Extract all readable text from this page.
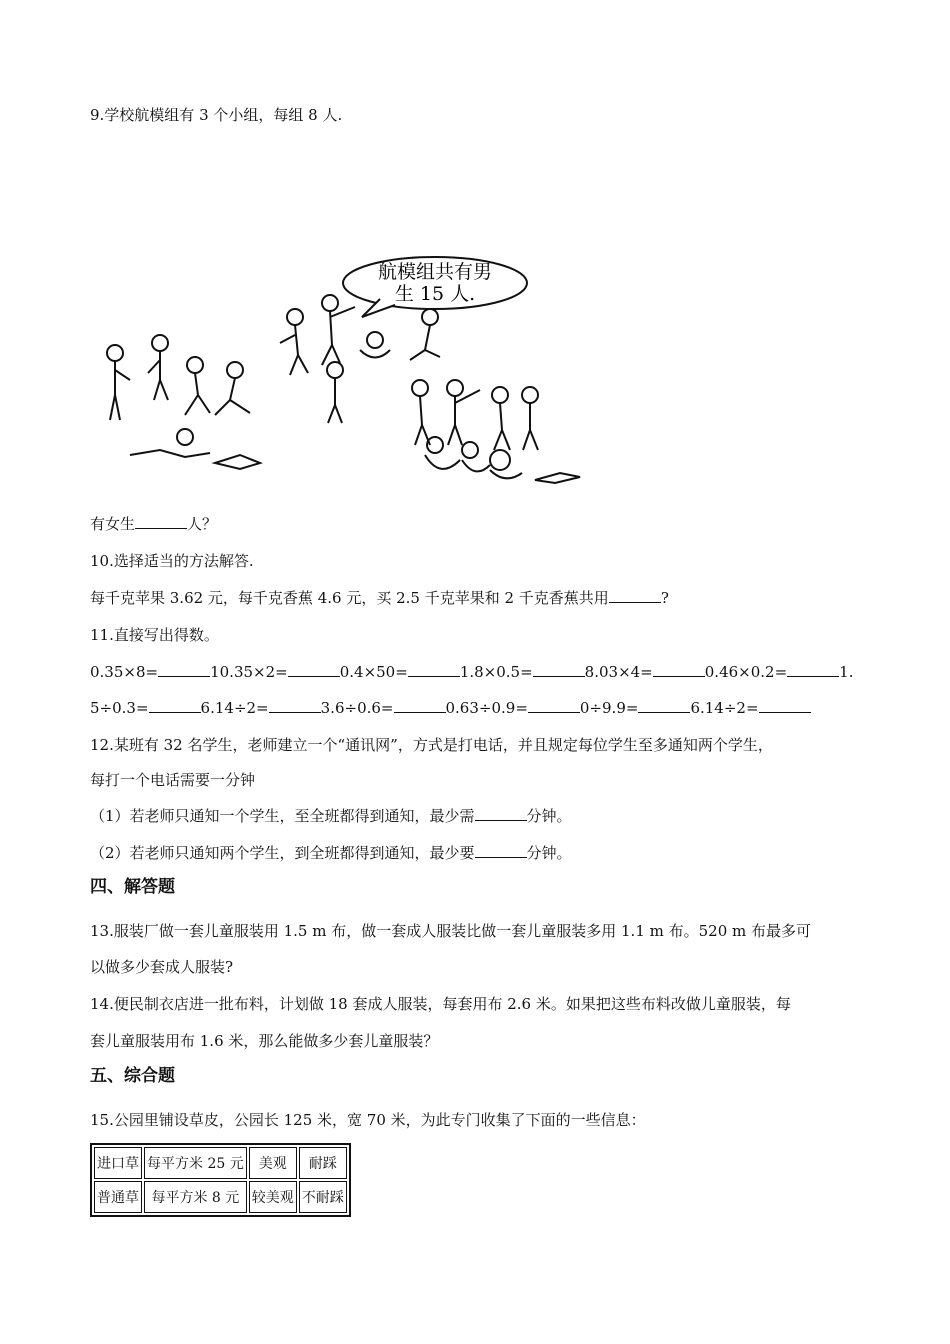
9.学校航模组有 3 个小组，每组 8 人.
航模组共有男
生 15 人.
有女生	人？
10.选择适当的方法解答.
每千克苹果 3.62 元，每千克香蕉 4.6 元，买 2.5 千克苹果和 2 千克香蕉共用	?
11.直接写出得数。
0.35×8=	10.35×2=	0.4×50=	1.8×0.5=	8.03×4=	0.46×0.2=	1.
5÷0.3=	6.14÷2=	3.6÷0.6=	0.63÷0.9=	0÷9.9=	6.14÷2=
12.某班有 32 名学生，老师建立一个“通讯网”，方式是打电话，并且规定每位学生至多通知两个学生，
每打一个电话需要一分钟
（1）若老师只通知一个学生，至全班都得到通知，最少需	分钟。
（2）若老师只通知两个学生，到全班都得到通知，最少要	分钟。
四、解答题
13.服装厂做一套儿童服装用 1.5 m 布，做一套成人服装比做一套儿童服装多用 1.1 m 布。520 m 布最多可
以做多少套成人服装?
14.便民制衣店进一批布料，计划做 18 套成人服装，每套用布 2.6 米。如果把这些布料改做儿童服装，每
套儿童服装用布 1.6 米，那么能做多少套儿童服装？
五、综合题
15.公园里铺设草皮，公园长 125 米，宽 70 米，为此专门收集了下面的一些信息：
进口草	每平方米 25 元	美观	耐踩
普通草	每平方米 8 元	较美观	不耐踩
